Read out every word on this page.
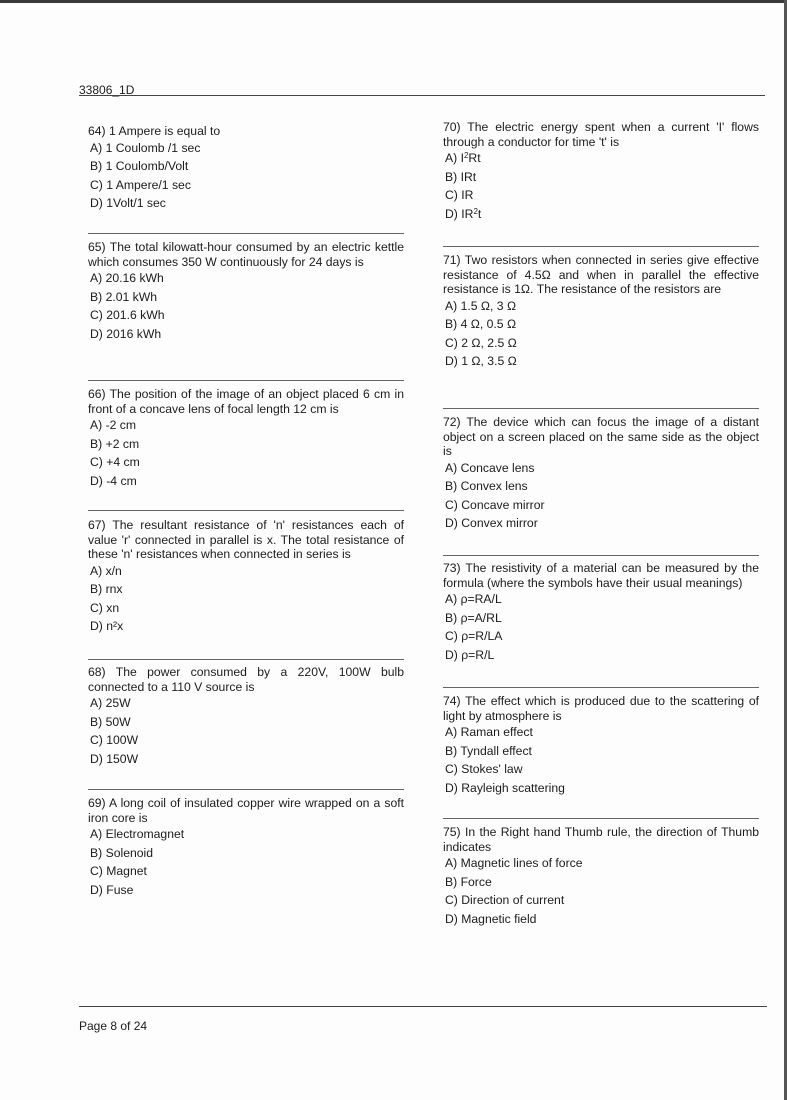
33806_1D

64) 1 Ampere is equal to

A) 1 Coulomb /1 sec

B) 1 Coulomb/Volt

C) 1 Ampere/1 sec

D) 1Volt/1 sec

65) The total kilowatt-hour consumed by an electric kettle which consumes 350 W continuously for 24 days is

A) 20.16 kWh

B) 2.01 kWh

C) 201.6 kWh

D) 2016 kWh

66) The position of the image of an object placed 6 cm in front of a concave lens of focal length 12 cm is

A) -2 cm

B) +2 cm

C) +4 cm

D) -4 cm

67) The resultant resistance of 'n' resistances each of value 'r' connected in parallel is x. The total resistance of these 'n' resistances when connected in series is

A) x/n

B) rnx

C) xn

D) n²x

68) The power consumed by a 220V, 100W bulb connected to a 110 V source is

A) 25W

B) 50W

C) 100W

D) 150W

69) A long coil of insulated copper wire wrapped on a soft iron core is

A) Electromagnet

B) Solenoid

C) Magnet

D) Fuse

70) The electric energy spent when a current 'I' flows through a conductor for time 't' is

A) $I^2Rt$

B) IRt

C) IR

D) $IR^2t$

71) Two resistors when connected in series give effective resistance of 4.5Ω and when in parallel the effective resistance is 1Ω. The resistance of the resistors are

A) 1.5 Ω, 3 Ω

B) 4 Ω, 0.5 Ω

C) 2 Ω, 2.5 Ω

D) 1 Ω, 3.5 Ω

72) The device which can focus the image of a distant object on a screen placed on the same side as the object is

A) Concave lens

B) Convex lens

C) Concave mirror

D) Convex mirror

73) The resistivity of a material can be measured by the formula (where the symbols have their usual meanings)

A) ρ=RA/L

B) ρ=A/RL

C) ρ=R/LA

D) ρ=R/L

74) The effect which is produced due to the scattering of light by atmosphere is

A) Raman effect

B) Tyndall effect

C) Stokes' law

D) Rayleigh scattering

75) In the Right hand Thumb rule, the direction of Thumb indicates

A) Magnetic lines of force

B) Force

C) Direction of current

D) Magnetic field

Page 8 of 24
